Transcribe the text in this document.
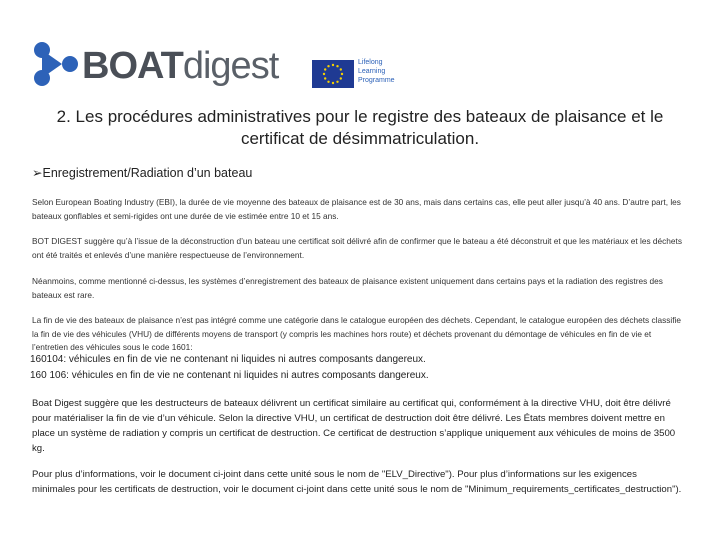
BOATdigest	Lifelong
Learning
Programme
2. Les procédures administratives pour le registre des bateaux de plaisance et le certificat de désimmatriculation.
➢Enregistrement/Radiation d’un bateau

Selon European Boating Industry (EBI), la durée de vie moyenne des bateaux de plaisance est de 30 ans, mais dans certains cas, elle peut aller jusqu’à 40 ans. D’autre part, les bateaux gonflables et semi-rigides ont une durée de vie estimée entre 10 et 15 ans.

BOT DIGEST suggère qu’à l’issue de la déconstruction d’un bateau une certificat soit délivré afin de confirmer que le bateau a été déconstruit et que les matériaux et les déchets ont été traités et enlevés d’une manière respectueuse de l’environnement.

Néanmoins, comme mentionné ci-dessus, les systèmes d’enregistrement des bateaux de plaisance existent uniquement dans certains pays et la radiation des registres des bateaux est rare.

La fin de vie des bateaux de plaisance n’est pas intégré comme une catégorie dans le catalogue européen des déchets. Cependant, le catalogue européen des déchets classifie la fin de vie des véhicules (VHU) de différents moyens de transport (y compris les machines hors route) et déchets provenant du démontage de véhicules en fin de vie et l’entretien des véhicules sous le code 1601:

160104: véhicules en fin de vie ne contenant ni liquides ni autres composants dangereux.
160 106: véhicules en fin de vie ne contenant ni liquides ni autres composants dangereux.

Boat Digest suggère que les destructeurs de bateaux délivrent un certificat similaire au certificat qui, conformément à la directive VHU, doit être délivré pour matérialiser la fin de vie d’un véhicule. Selon la directive VHU, un certificat de destruction doit être délivré. Les États membres doivent mettre en place un système de radiation y compris un certificat de destruction. Ce certificat de destruction s’applique uniquement aux véhicules de moins de 3500 kg.

Pour plus d’informations, voir le document ci-joint dans cette unité sous le nom de "ELV_Directive"). Pour plus d’informations sur les exigences minimales pour les certificats de destruction, voir le document ci-joint dans cette unité sous le nom de "Minimum_requirements_certificates_destruction").
